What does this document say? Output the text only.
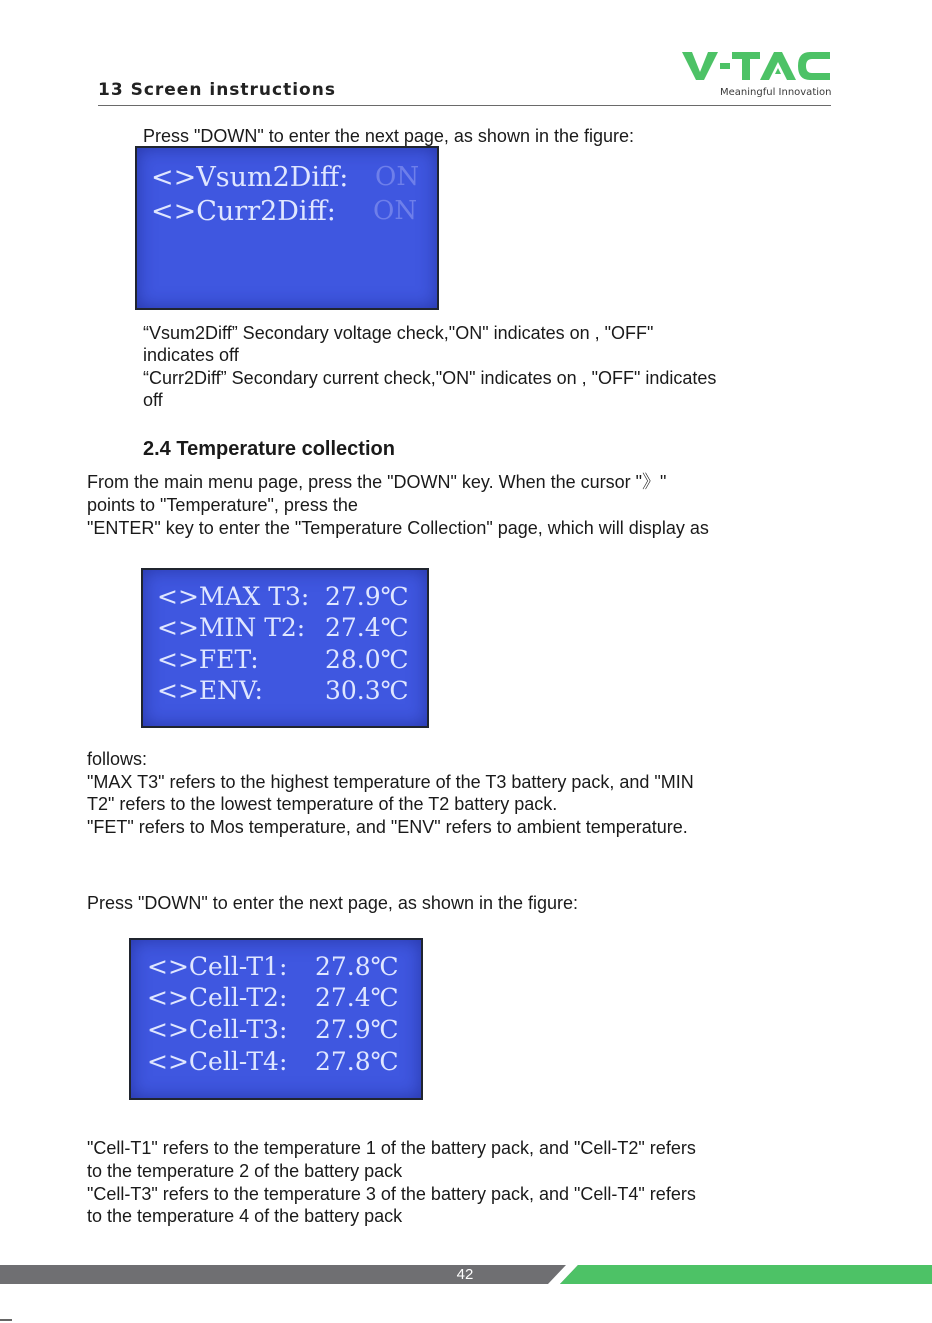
13 Screen instructions	Meaningful Innovation
Press "DOWN" to enter the next page, as shown in the figure:
<>Vsum2Diff: ON
<>Curr2Diff: ON
“Vsum2Diff” Secondary voltage check,"ON" indicates on , "OFF"
indicates off
“Curr2Diff” Secondary current check,"ON" indicates on , "OFF" indicates
off
2.4 Temperature collection
From the main menu page, press the "DOWN" key. When the cursor "》"
points to "Temperature", press the
"ENTER" key to enter the "Temperature Collection" page, which will display as
<>MAX T3: 27.9℃
<>MIN T2: 27.4℃
<>FET:	28.0℃
<>ENV: 30.3℃
follows:
"MAX T3" refers to the highest temperature of the T3 battery pack, and "MIN
T2" refers to the lowest temperature of the T2 battery pack.
"FET" refers to Mos temperature, and "ENV" refers to ambient temperature.
Press "DOWN" to enter the next page, as shown in the figure:
<>Cell-T1: 27.8℃
<>Cell-T2: 27.4℃
<>Cell-T3: 27.9℃
<>Cell-T4: 27.8℃
"Cell-T1" refers to the temperature 1 of the battery pack, and "Cell-T2" refers
to the temperature 2 of the battery pack
"Cell-T3" refers to the temperature 3 of the battery pack, and "Cell-T4" refers
to the temperature 4 of the battery pack
42
